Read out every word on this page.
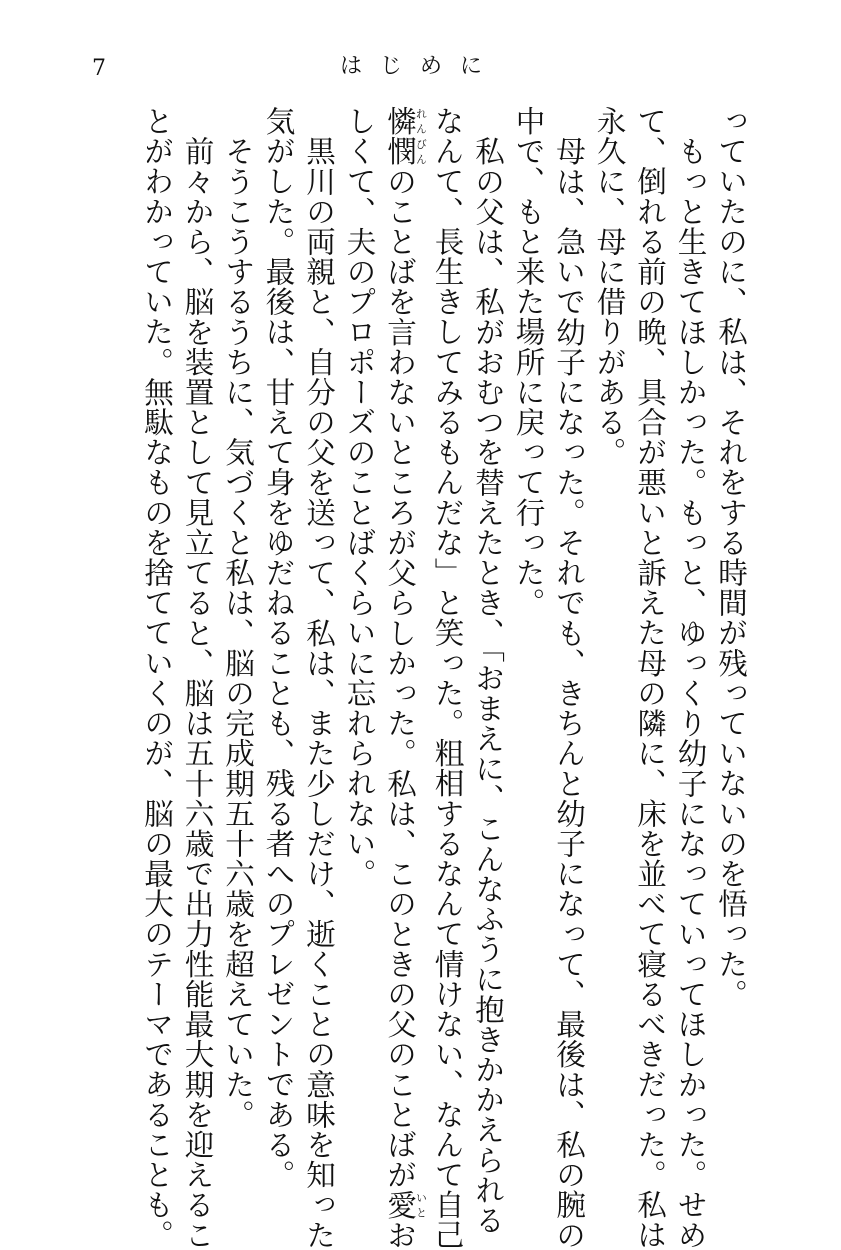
7	はじめに
っていたのに、私は、それをする時間が残っていないのを悟った。
　もっと生きてほしかった。もっと、ゆっくり幼子になっていってほしかった。せめ
て、倒れる前の晩、具合が悪いと訴えた母の隣に、床を並べて寝るべきだった。私は
永久に、母に借りがある。
　母は、急いで幼子になった。それでも、きちんと幼子になって、最後は、私の腕の
中で、もと来た場所に戻って行った。
　私の父は、私がおむつを替えたとき、「おまえに、こんなふうに抱きかかえられる
なんて、長生きしてみるもんだな」と笑った。粗相するなんて情けない、なんて自己
憐憫れんびんのことばを言わないところが父らしかった。私は、このときの父のことばが愛いとお
しくて、夫のプロポーズのことばくらいに忘れられない。
　黒川の両親と、自分の父を送って、私は、また少しだけ、逝くことの意味を知った
気がした。最後は、甘えて身をゆだねることも、残る者へのプレゼントである。
　そうこうするうちに、気づくと私は、脳の完成期五十六歳を超えていた。
　前々から、脳を装置として見立てると、脳は五十六歳で出力性能最大期を迎えるこ
とがわかっていた。無駄なものを捨てていくのが、脳の最大のテーマであることも。
